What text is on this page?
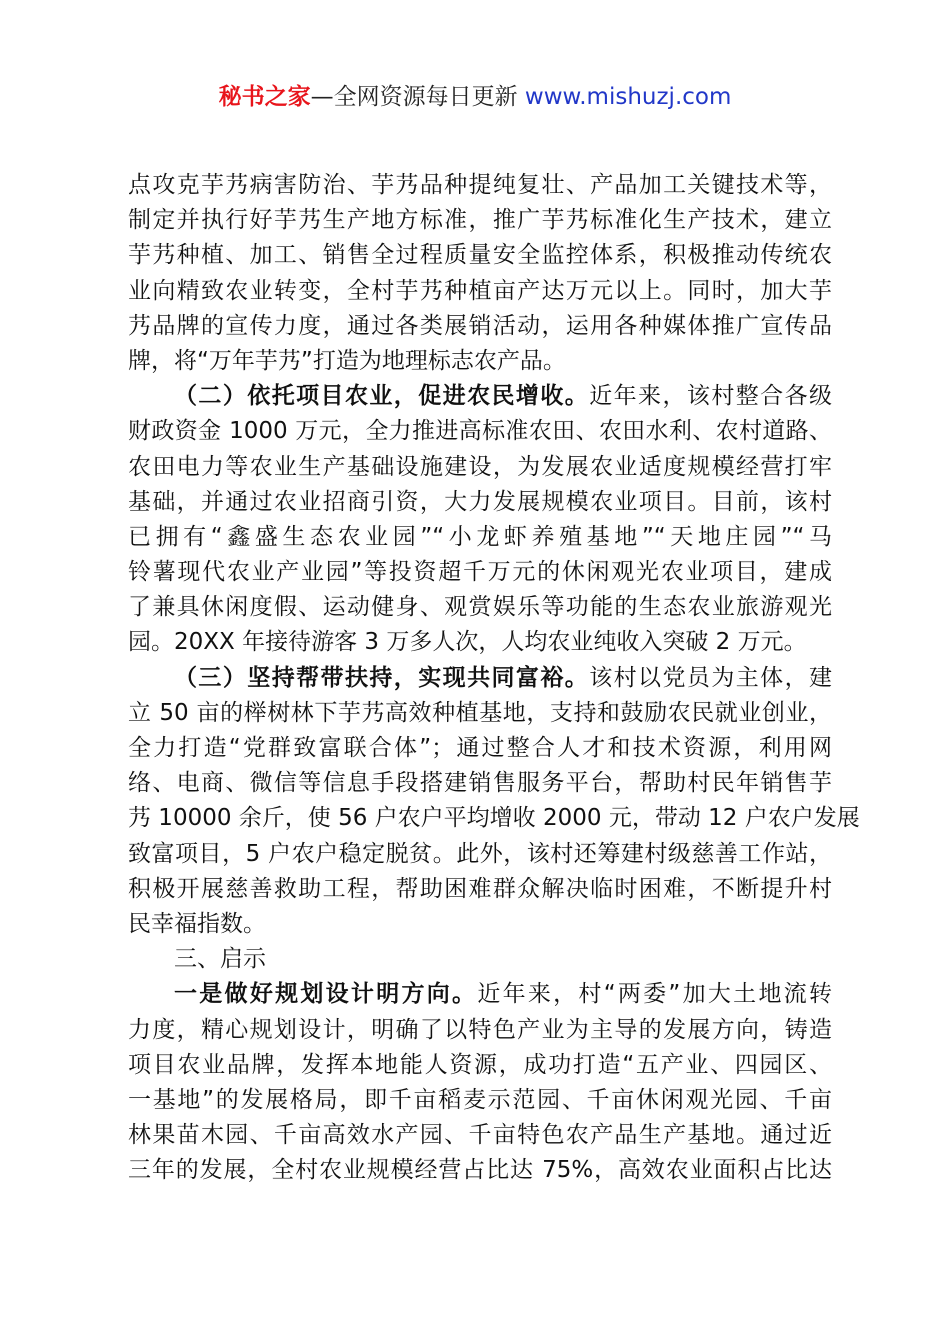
秘书之家—全网资源每日更新 www.mishuzj.com
点攻克芋艿病害防治、芋艿品种提纯复壮、产品加工关键技术等，
制定并执行好芋艿生产地方标准，推广芋艿标准化生产技术，建立
芋艿种植、加工、销售全过程质量安全监控体系，积极推动传统农
业向精致农业转变，全村芋艿种植亩产达万元以上。同时，加大芋
艿品牌的宣传力度，通过各类展销活动，运用各种媒体推广宣传品
牌，将“万年芋艿”打造为地理标志农产品。
（二）依托项目农业，促进农民增收。近年来，该村整合各级
财政资金 1000 万元，全力推进高标准农田、农田水利、农村道路、
农田电力等农业生产基础设施建设，为发展农业适度规模经营打牢
基础，并通过农业招商引资，大力发展规模农业项目。目前，该村
已拥有“鑫盛生态农业园”“小龙虾养殖基地”“天地庄园”“马
铃薯现代农业产业园”等投资超千万元的休闲观光农业项目，建成
了兼具休闲度假、运动健身、观赏娱乐等功能的生态农业旅游观光
园。20XX 年接待游客 3 万多人次，人均农业纯收入突破 2 万元。
（三）坚持帮带扶持，实现共同富裕。该村以党员为主体，建
立 50 亩的榉树林下芋艿高效种植基地，支持和鼓励农民就业创业，
全力打造“党群致富联合体”；通过整合人才和技术资源，利用网
络、电商、微信等信息手段搭建销售服务平台，帮助村民年销售芋
艿 10000 余斤，使 56 户农户平均增收 2000 元，带动 12 户农户发展
致富项目，5 户农户稳定脱贫。此外，该村还筹建村级慈善工作站，
积极开展慈善救助工程，帮助困难群众解决临时困难，不断提升村
民幸福指数。
三、启示
一是做好规划设计明方向。近年来，村“两委”加大土地流转
力度，精心规划设计，明确了以特色产业为主导的发展方向，铸造
项目农业品牌，发挥本地能人资源，成功打造“五产业、四园区、
一基地”的发展格局，即千亩稻麦示范园、千亩休闲观光园、千亩
林果苗木园、千亩高效水产园、千亩特色农产品生产基地。通过近
三年的发展，全村农业规模经营占比达 75%，高效农业面积占比达
